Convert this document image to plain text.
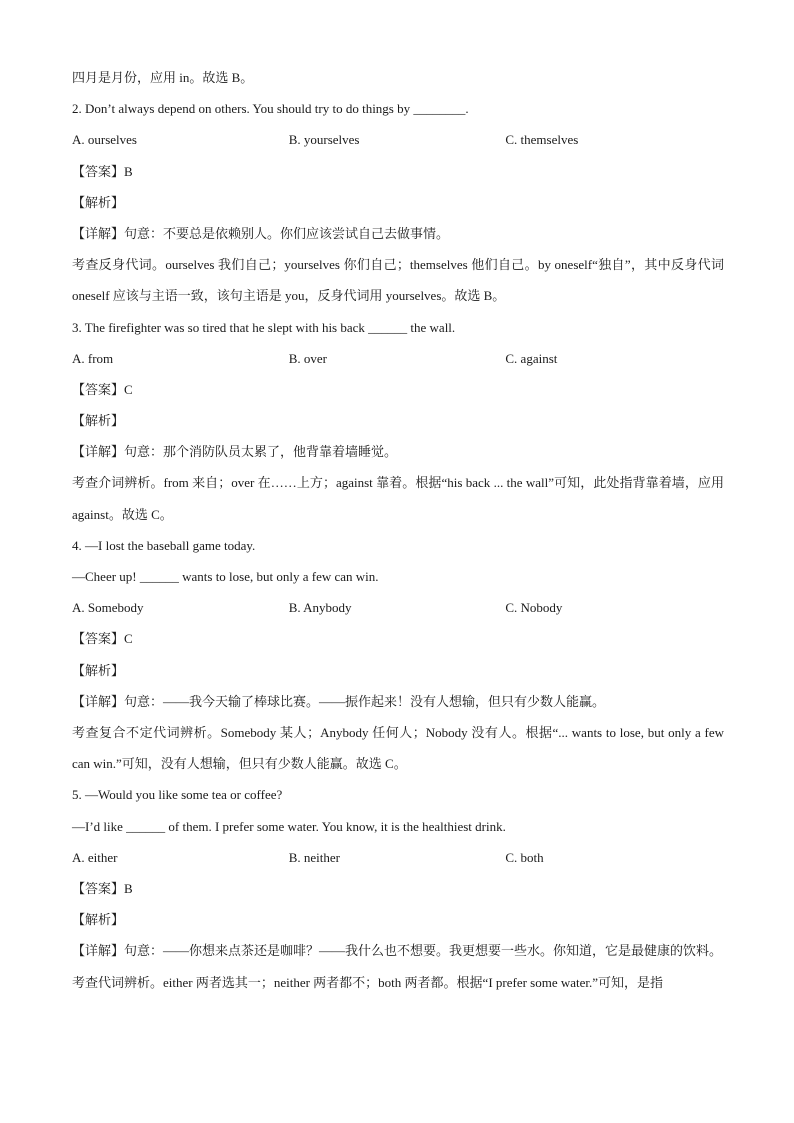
四月是月份，应用 in。故选 B。
2. Don’t always depend on others. You should try to do things by ________.
A. ourselves	B. yourselves	C. themselves
【答案】B
【解析】
【详解】句意：不要总是依赖别人。你们应该尝试自己去做事情。
考查反身代词。ourselves 我们自己；yourselves 你们自己；themselves 他们自己。by oneself“独自”，其中反身代词 oneself 应该与主语一致，该句主语是 you，反身代词用 yourselves。故选 B。
3. The firefighter was so tired that he slept with his back ______ the wall.
A. from	B. over	C. against
【答案】C
【解析】
【详解】句意：那个消防队员太累了，他背靠着墙睡觉。
考查介词辨析。from 来自；over 在……上方；against 靠着。根据“his back ... the wall”可知，此处指背靠着墙，应用 against。故选 C。
4. —I lost the baseball game today.
—Cheer up! ______ wants to lose, but only a few can win.
A. Somebody	B. Anybody	C. Nobody
【答案】C
【解析】
【详解】句意：——我今天输了棒球比赛。——振作起来！没有人想输，但只有少数人能赢。
考查复合不定代词辨析。Somebody 某人；Anybody 任何人；Nobody 没有人。根据“... wants to lose, but only a few can win.”可知，没有人想输，但只有少数人能赢。故选 C。
5. —Would you like some tea or coffee?
—I’d like ______ of them. I prefer some water. You know, it is the healthiest drink.
A. either	B. neither	C. both
【答案】B
【解析】
【详解】句意：——你想来点茶还是咖啡？——我什么也不想要。我更想要一些水。你知道，它是最健康的饮料。
考查代词辨析。either 两者选其一；neither 两者都不；both 两者都。根据“I prefer some water.”可知，是指
